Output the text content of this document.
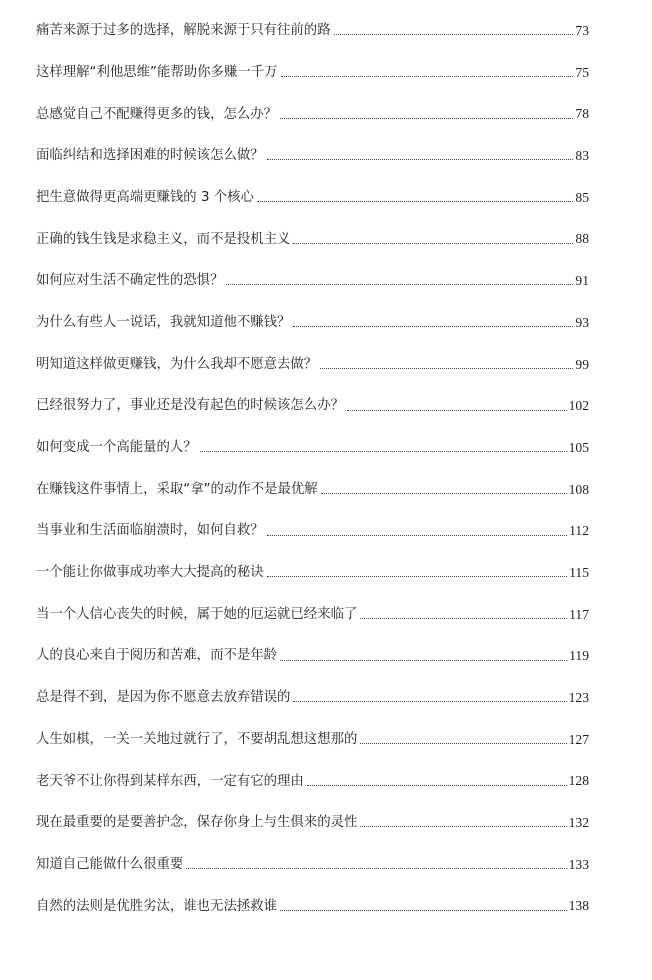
痛苦来源于过多的选择，解脱来源于只有往前的路	73
这样理解“利他思维”能帮助你多赚一千万	75
总感觉自己不配赚得更多的钱，怎么办？	78
面临纠结和选择困难的时候该怎么做？	83
把生意做得更高端更赚钱的 3 个核心	85
正确的钱生钱是求稳主义，而不是投机主义	88
如何应对生活不确定性的恐惧？	91
为什么有些人一说话，我就知道他不赚钱？	93
明知道这样做更赚钱，为什么我却不愿意去做？	99
已经很努力了，事业还是没有起色的时候该怎么办？	102
如何变成一个高能量的人？	105
在赚钱这件事情上，采取“拿”的动作不是最优解	108
当事业和生活面临崩溃时，如何自救？	112
一个能让你做事成功率大大提高的秘诀	115
当一个人信心丧失的时候，属于她的厄运就已经来临了	117
人的良心来自于阅历和苦难，而不是年龄	119
总是得不到，是因为你不愿意去放弃错误的	123
人生如棋，一关一关地过就行了，不要胡乱想这想那的	127
老天爷不让你得到某样东西，一定有它的理由	128
现在最重要的是要善护念，保存你身上与生俱来的灵性	132
知道自己能做什么很重要	133
自然的法则是优胜劣汰，谁也无法拯救谁	138
